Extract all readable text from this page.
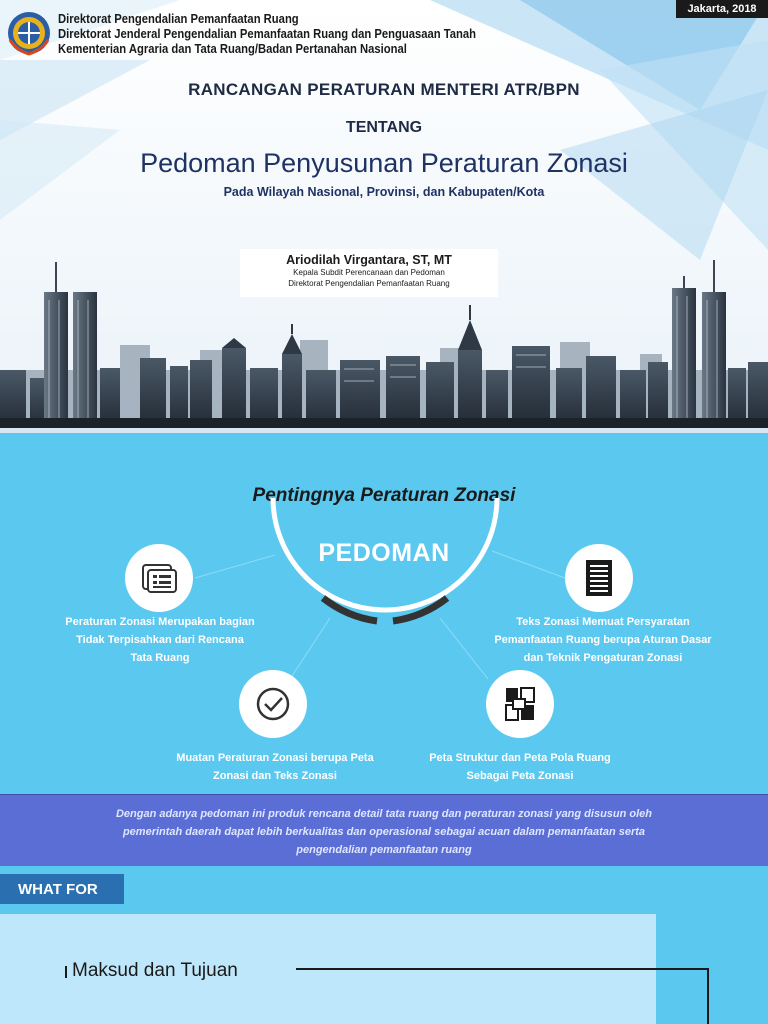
Direktorat Pengendalian Pemanfaatan Ruang
Direktorat Jenderal Pengendalian Pemanfaatan Ruang dan Penguasaan Tanah
Kementerian Agraria dan Tata Ruang/Badan Pertanahan Nasional
Jakarta, 2018
RANCANGAN PERATURAN MENTERI ATR/BPN
TENTANG
Pedoman Penyusunan Peraturan Zonasi
Pada Wilayah Nasional, Provinsi, dan Kabupaten/Kota
Ariodilah Virgantara, ST, MT
Kepala Subdit Perencanaan dan Pedoman
Direktorat Pengendalian Pemanfaatan Ruang
Pentingnya Peraturan Zonasi
PEDOMAN
Peraturan Zonasi Merupakan bagian
Tidak Terpisahkan dari Rencana
Tata Ruang
Teks Zonasi Memuat Persyaratan
Pemanfaatan Ruang berupa Aturan Dasar
dan Teknik Pengaturan Zonasi
Muatan Peraturan Zonasi berupa Peta
Zonasi dan Teks Zonasi
Peta Struktur dan Peta Pola Ruang
Sebagai Peta Zonasi
Dengan adanya pedoman ini produk rencana detail tata ruang dan peraturan zonasi yang disusun oleh
pemerintah daerah dapat lebih berkualitas dan operasional sebagai acuan dalam pemanfaatan serta
pengendalian pemanfaatan ruang
WHAT FOR
Maksud dan Tujuan
